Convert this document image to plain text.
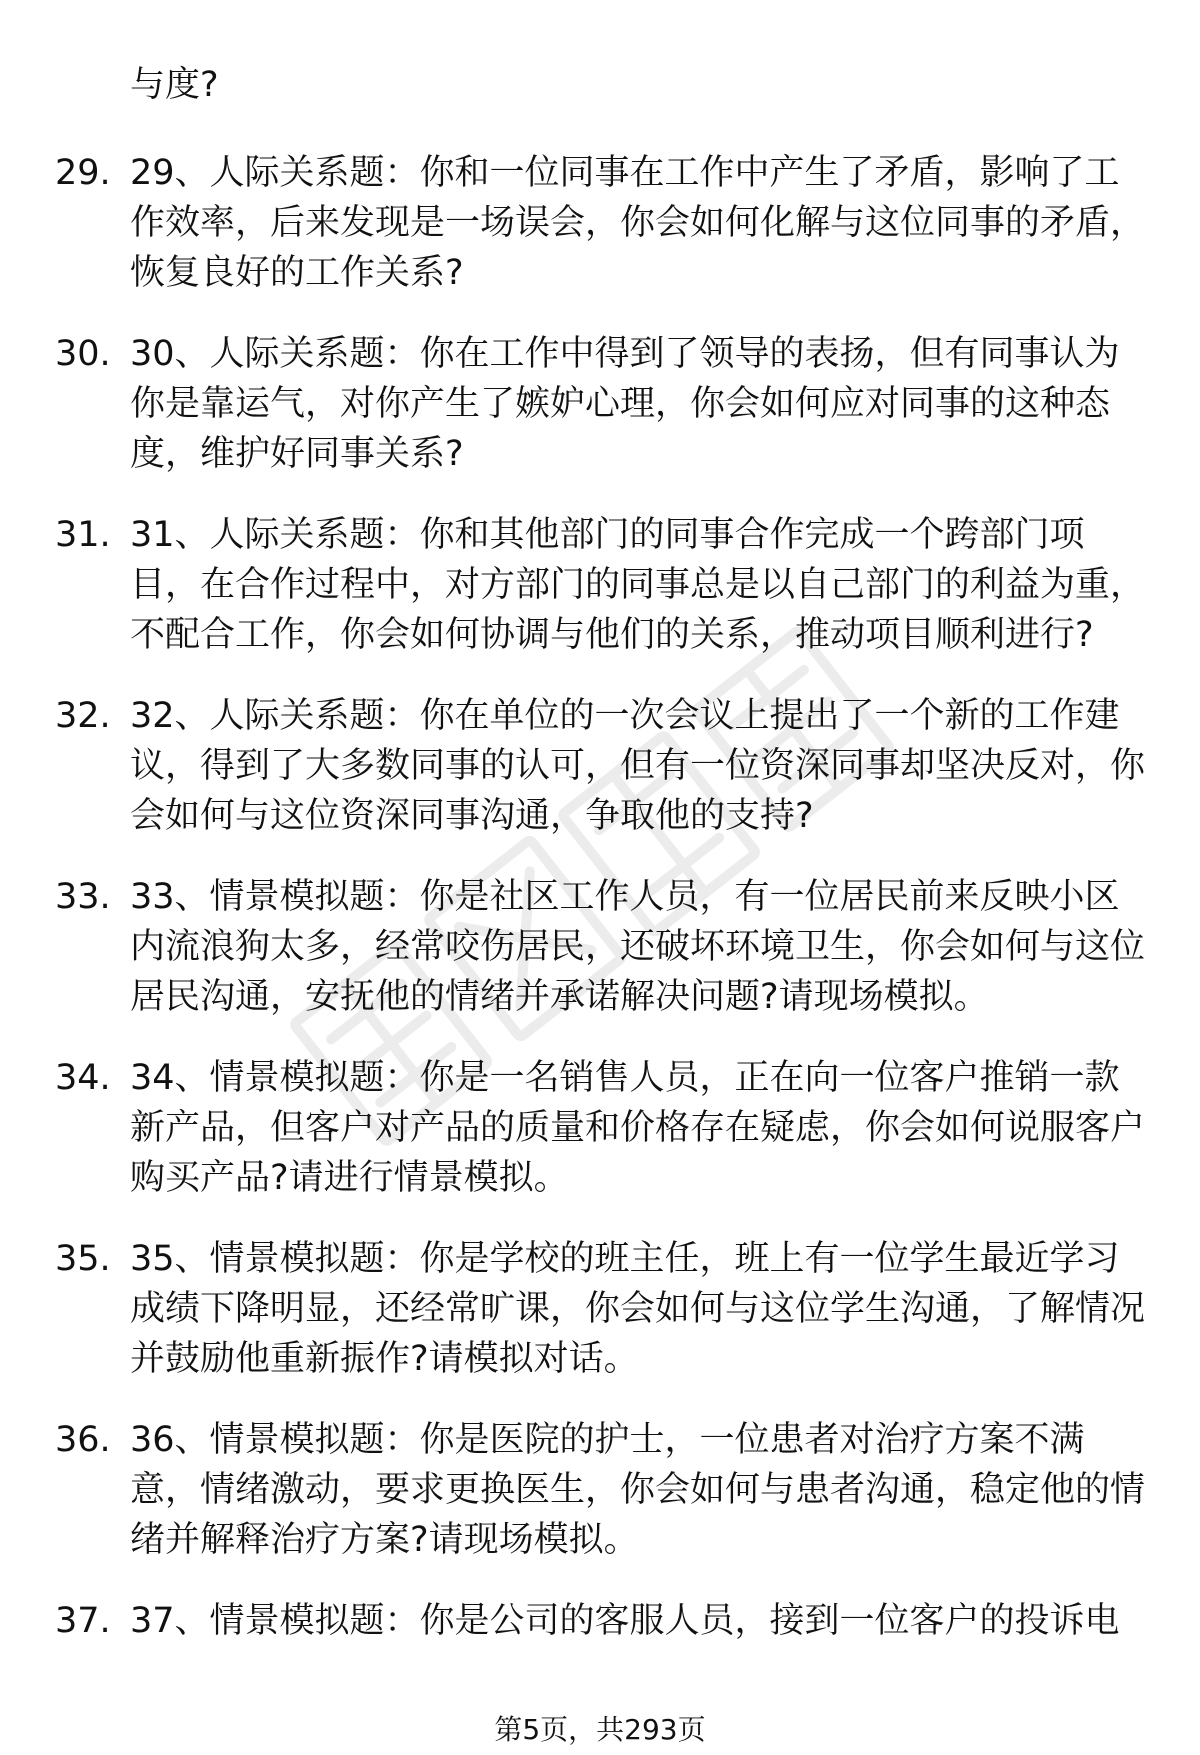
与度?

29. 29、人际关系题：你和一位同事在工作中产生了矛盾，影响了工作效率，后来发现是一场误会，你会如何化解与这位同事的矛盾，恢复良好的工作关系?
30. 30、人际关系题：你在工作中得到了领导的表扬，但有同事认为你是靠运气，对你产生了嫉妒心理，你会如何应对同事的这种态度，维护好同事关系?
31. 31、人际关系题：你和其他部门的同事合作完成一个跨部门项目，在合作过程中，对方部门的同事总是以自己部门的利益为重，不配合工作，你会如何协调与他们的关系，推动项目顺利进行?
32. 32、人际关系题：你在单位的一次会议上提出了一个新的工作建议，得到了大多数同事的认可，但有一位资深同事却坚决反对，你会如何与这位资深同事沟通，争取他的支持?
33. 33、情景模拟题：你是社区工作人员，有一位居民前来反映小区内流浪狗太多，经常咬伤居民，还破坏环境卫生，你会如何与这位居民沟通，安抚他的情绪并承诺解决问题?请现场模拟。
34. 34、情景模拟题：你是一名销售人员，正在向一位客户推销一款新产品，但客户对产品的质量和价格存在疑虑，你会如何说服客户购买产品?请进行情景模拟。
35. 35、情景模拟题：你是学校的班主任，班上有一位学生最近学习成绩下降明显，还经常旷课，你会如何与这位学生沟通，了解情况并鼓励他重新振作?请模拟对话。
36. 36、情景模拟题：你是医院的护士，一位患者对治疗方案不满意，情绪激动，要求更换医生，你会如何与患者沟通，稳定他的情绪并解释治疗方案?请现场模拟。
37. 37、情景模拟题：你是公司的客服人员，接到一位客户的投诉电
第5页，共293页
